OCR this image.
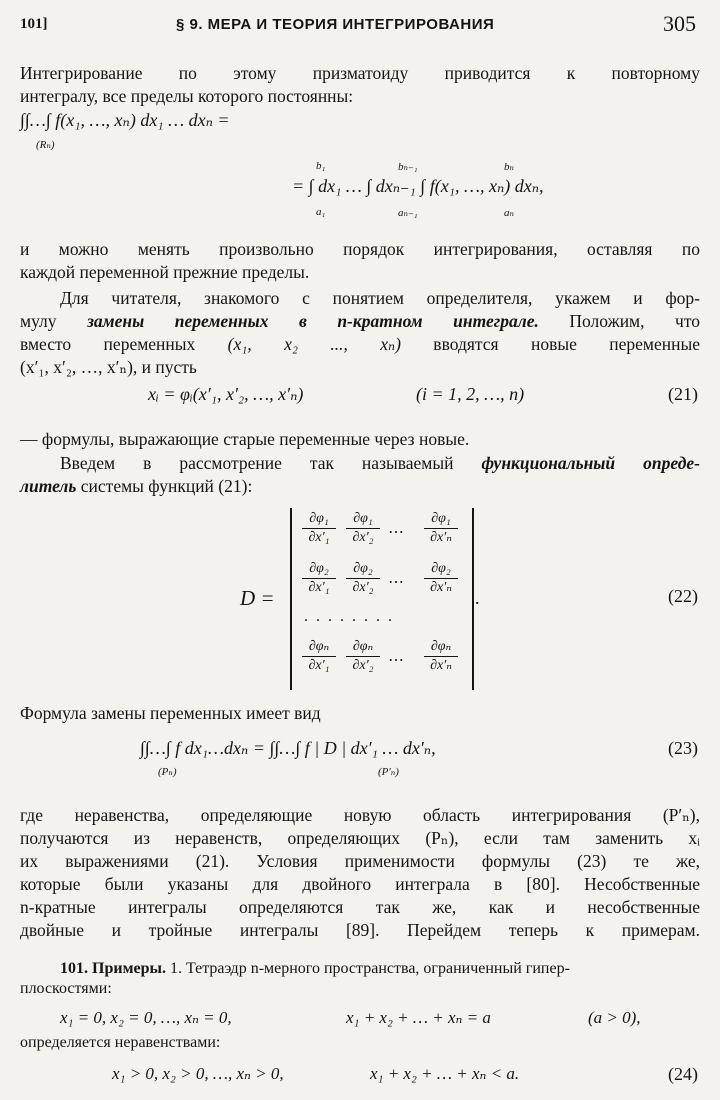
101]	§ 9. МЕРА И ТЕОРИЯ ИНТЕГРИРОВАНИЯ	305
Интегрирование по этому призматоиду приводится к повторному
интегралу, все пределы которого постоянны:
∫∫…∫ f(x₁, …, xₙ) dx₁ … dxₙ =
(Rₙ)
= ∫ dx₁ … ∫ dxₙ₋₁ ∫ f(x₁, …, xₙ) dxₙ,
b₁
a₁
bₙ₋₁
aₙ₋₁
bₙ
aₙ
и можно менять произвольно порядок интегрирования, оставляя по
каждой переменной прежние пределы.
Для читателя, знакомого с понятием определителя, укажем и фор-
мулу замены переменных в n-кратном интеграле. Положим, что
вместо переменных (x₁, x₂ ..., xₙ) вводятся новые переменные
(x′₁, x′₂, …, x′ₙ), и пусть
xᵢ = φᵢ(x′₁, x′₂, …, x′ₙ)	(i = 1, 2, …, n)	(21)
— формулы, выражающие старые переменные через новые.
Введем в рассмотрение так называемый функциональный опреде-
литель системы функций (21):
D =
$\frac{\text{∂φ₁}}{\text{∂x′₁}} \frac{\text{∂φ₁}}{\text{∂x′₂}}$ ⋯ $\frac{\text{∂φ₁}}{\text{∂x′ₙ}}$
$\frac{\text{∂φ₂}}{\text{∂x′₁}} \frac{\text{∂φ₂}}{\text{∂x′₂}}$ ⋯ $\frac{\text{∂φ₂}}{\text{∂x′ₙ}}$
. . . . . . . .
$\frac{\text{∂φₙ}}{\text{∂x′₁}} \frac{\text{∂φₙ}}{\text{∂x′₂}}$ ⋯ $\frac{\text{∂φₙ}}{\text{∂x′ₙ}}$
.	(22)
Формула замены переменных имеет вид
∫∫…∫ f dx₁…dxₙ = ∫∫…∫ f | D | dx′₁ … dx′ₙ,
(Pₙ)	(P′ₙ)
(23)
где неравенства, определяющие новую область интегрирования (P′ₙ),
получаются из неравенств, определяющих (Pₙ), если там заменить xᵢ
их выражениями (21). Условия применимости формулы (23) те же,
которые были указаны для двойного интеграла в [80]. Несобственные
n-кратные интегралы определяются так же, как и несобственные
двойные и тройные интегралы [89]. Перейдем теперь к примерам.
101. Примеры. 1. Тетраэдр n-мерного пространства, ограниченный гипер-
плоскостями:
x₁ = 0, x₂ = 0, …, xₙ = 0,	x₁ + x₂ + … + xₙ = a	(a > 0),
определяется неравенствами:
x₁ > 0, x₂ > 0, …, xₙ > 0,	x₁ + x₂ + … + xₙ < a.	(24)
